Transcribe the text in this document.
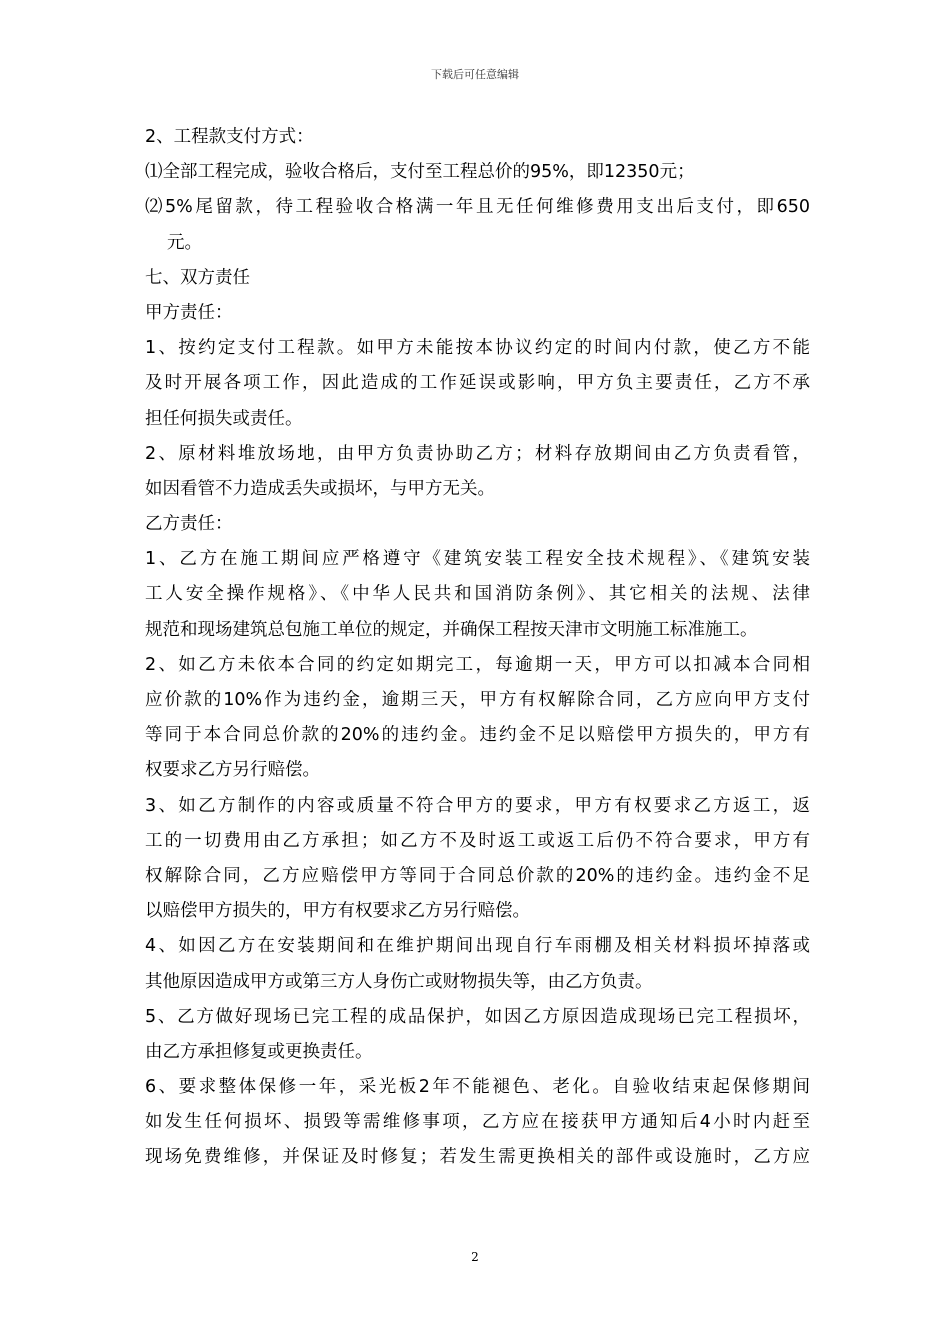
下载后可任意编辑
2、工程款支付方式：
⑴全部工程完成，验收合格后，支付至工程总价的95%，即12350元；
⑵5%尾留款，待工程验收合格满一年且无任何维修费用支出后支付，即650
元。
七、双方责任
甲方责任：
1、按约定支付工程款。如甲方未能按本协议约定的时间内付款，使乙方不能
及时开展各项工作，因此造成的工作延误或影响，甲方负主要责任，乙方不承
担任何损失或责任。
2、原材料堆放场地，由甲方负责协助乙方；材料存放期间由乙方负责看管，
如因看管不力造成丢失或损坏，与甲方无关。
乙方责任：
1、乙方在施工期间应严格遵守《建筑安装工程安全技术规程》、《建筑安装
工人安全操作规格》、《中华人民共和国消防条例》、其它相关的法规、法律
规范和现场建筑总包施工单位的规定，并确保工程按天津市文明施工标准施工。
2、如乙方未依本合同的约定如期完工，每逾期一天，甲方可以扣减本合同相
应价款的10%作为违约金，逾期三天，甲方有权解除合同，乙方应向甲方支付
等同于本合同总价款的20%的违约金。违约金不足以赔偿甲方损失的，甲方有
权要求乙方另行赔偿。
3、如乙方制作的内容或质量不符合甲方的要求，甲方有权要求乙方返工，返
工的一切费用由乙方承担；如乙方不及时返工或返工后仍不符合要求，甲方有
权解除合同，乙方应赔偿甲方等同于合同总价款的20%的违约金。违约金不足
以赔偿甲方损失的，甲方有权要求乙方另行赔偿。
4、如因乙方在安装期间和在维护期间出现自行车雨棚及相关材料损坏掉落或
其他原因造成甲方或第三方人身伤亡或财物损失等，由乙方负责。
5、乙方做好现场已完工程的成品保护，如因乙方原因造成现场已完工程损坏，
由乙方承担修复或更换责任。
6、要求整体保修一年，采光板2年不能褪色、老化。自验收结束起保修期间
如发生任何损坏、损毁等需维修事项，乙方应在接获甲方通知后4小时内赶至
现场免费维修，并保证及时修复；若发生需更换相关的部件或设施时，乙方应
2
